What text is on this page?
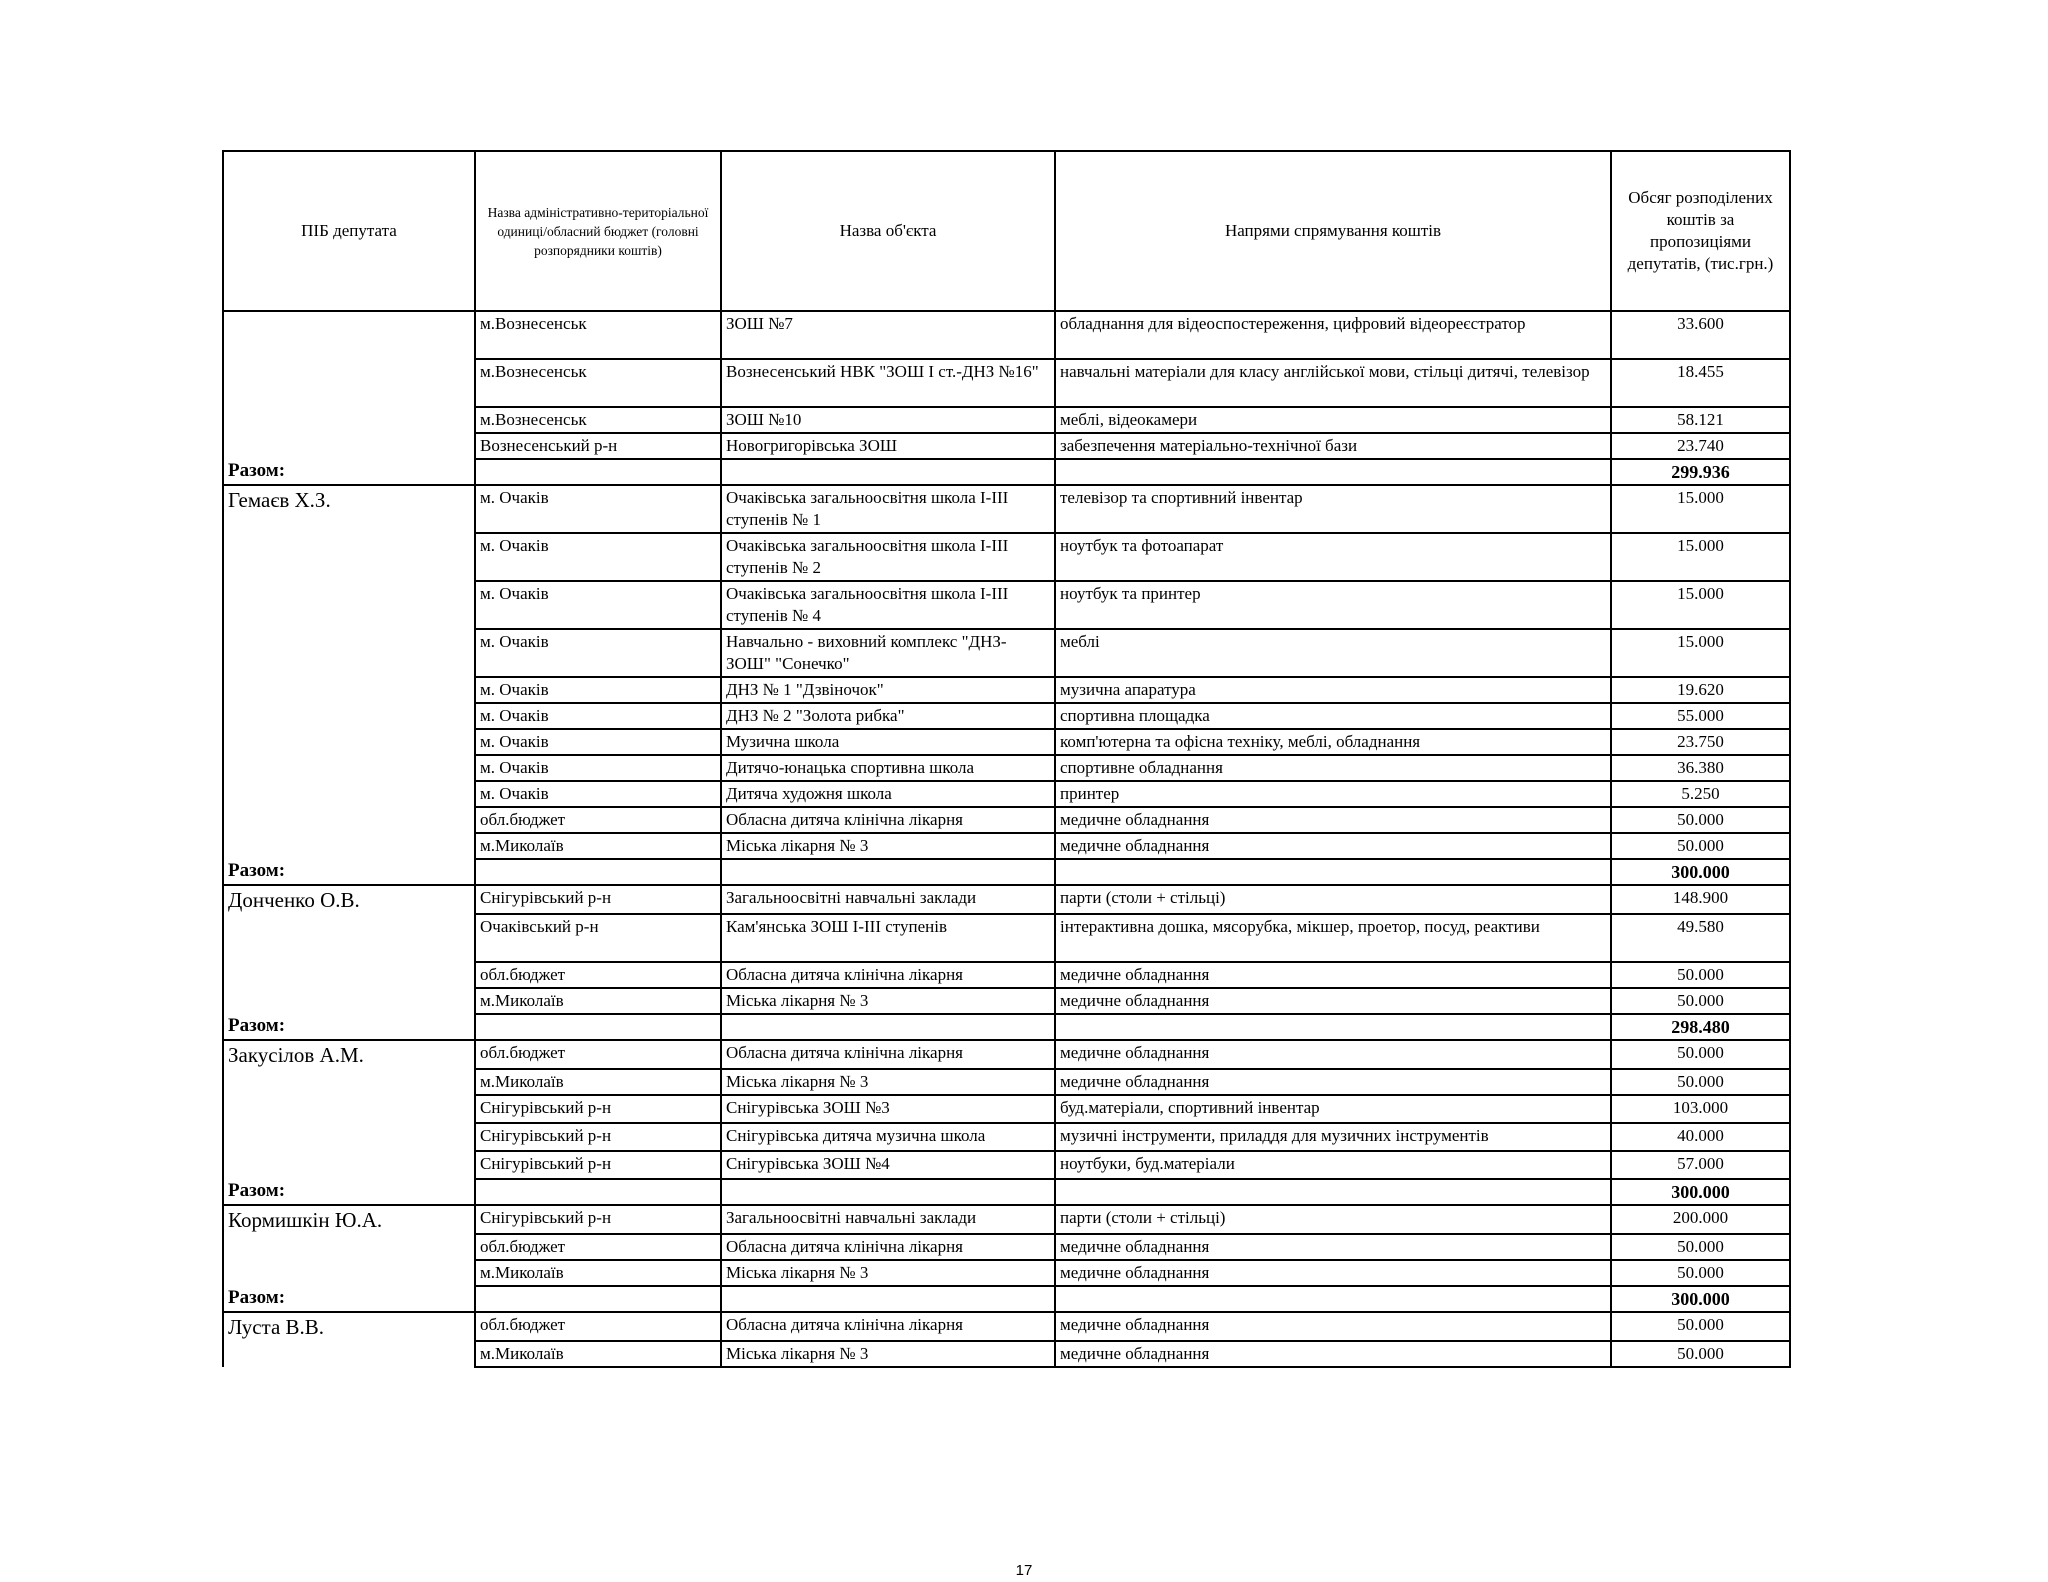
ПІБ депутата	Назва адміністративно-територіальної одиниці/обласний бюджет (головні розпорядники коштів)	Назва об'єкта	Напрями спрямування коштів	Обсяг розподілених коштів за пропозиціями депутатів, (тис.грн.)
	м.Вознесенськ	ЗОШ №7	обладнання для відеоспостереження, цифровий відеореєстратор	33.600
	м.Вознесенськ	Вознесенський НВК "ЗОШ І ст.-ДНЗ №16"	навчальні матеріали для класу англійської мови, стільці дитячі, телевізор	18.455
	м.Вознесенськ	ЗОШ №10	меблі, відеокамери	58.121
	Вознесенський р-н	Новогригорівська ЗОШ	забезпечення матеріально-технічної бази	23.740
Разом:				299.936
Гемаєв Х.З.	м. Очаків	Очаківська загальноосвітня школа І-ІІІ ступенів № 1	телевізор та спортивний інвентар	15.000
	м. Очаків	Очаківська загальноосвітня школа І-ІІІ ступенів № 2	ноутбук та фотоапарат	15.000
	м. Очаків	Очаківська загальноосвітня школа І-ІІІ ступенів № 4	ноутбук та принтер	15.000
	м. Очаків	Навчально - виховний комплекс "ДНЗ-ЗОШ" "Сонечко"	меблі	15.000
	м. Очаків	ДНЗ № 1 "Дзвіночок"	музична апаратура	19.620
	м. Очаків	ДНЗ № 2 "Золота рибка"	спортивна площадка	55.000
	м. Очаків	Музична школа	комп'ютерна та офісна техніку, меблі, обладнання	23.750
	м. Очаків	Дитячо-юнацька спортивна школа	спортивне обладнання	36.380
	м. Очаків	Дитяча художня школа	принтер	5.250
	обл.бюджет	Обласна дитяча клінічна лікарня	медичне обладнання	50.000
	м.Миколаїв	Міська лікарня № 3	медичне обладнання	50.000
Разом:				300.000
Донченко О.В.	Снігурівський р-н	Загальноосвітні навчальні заклади	парти (столи + стільці)	148.900
	Очаківський р-н	Кам'янська ЗОШ І-ІІІ ступенів	інтерактивна дошка, мясорубка, мікшер, проетор, посуд, реактиви	49.580
	обл.бюджет	Обласна дитяча клінічна лікарня	медичне обладнання	50.000
	м.Миколаїв	Міська лікарня № 3	медичне обладнання	50.000
Разом:				298.480
Закусілов А.М.	обл.бюджет	Обласна дитяча клінічна лікарня	медичне обладнання	50.000
	м.Миколаїв	Міська лікарня № 3	медичне обладнання	50.000
	Снігурівський р-н	Снігурівська ЗОШ №3	буд.матеріали, спортивний інвентар	103.000
	Снігурівський р-н	Снігурівська дитяча музична школа	музичні інструменти, приладдя для музичних інструментів	40.000
	Снігурівський р-н	Снігурівська ЗОШ №4	ноутбуки, буд.матеріали	57.000
Разом:				300.000
Кормишкін Ю.А.	Снігурівський р-н	Загальноосвітні навчальні заклади	парти (столи + стільці)	200.000
	обл.бюджет	Обласна дитяча клінічна лікарня	медичне обладнання	50.000
	м.Миколаїв	Міська лікарня № 3	медичне обладнання	50.000
Разом:				300.000
Луста В.В.	обл.бюджет	Обласна дитяча клінічна лікарня	медичне обладнання	50.000
	м.Миколаїв	Міська лікарня № 3	медичне обладнання	50.000
17
